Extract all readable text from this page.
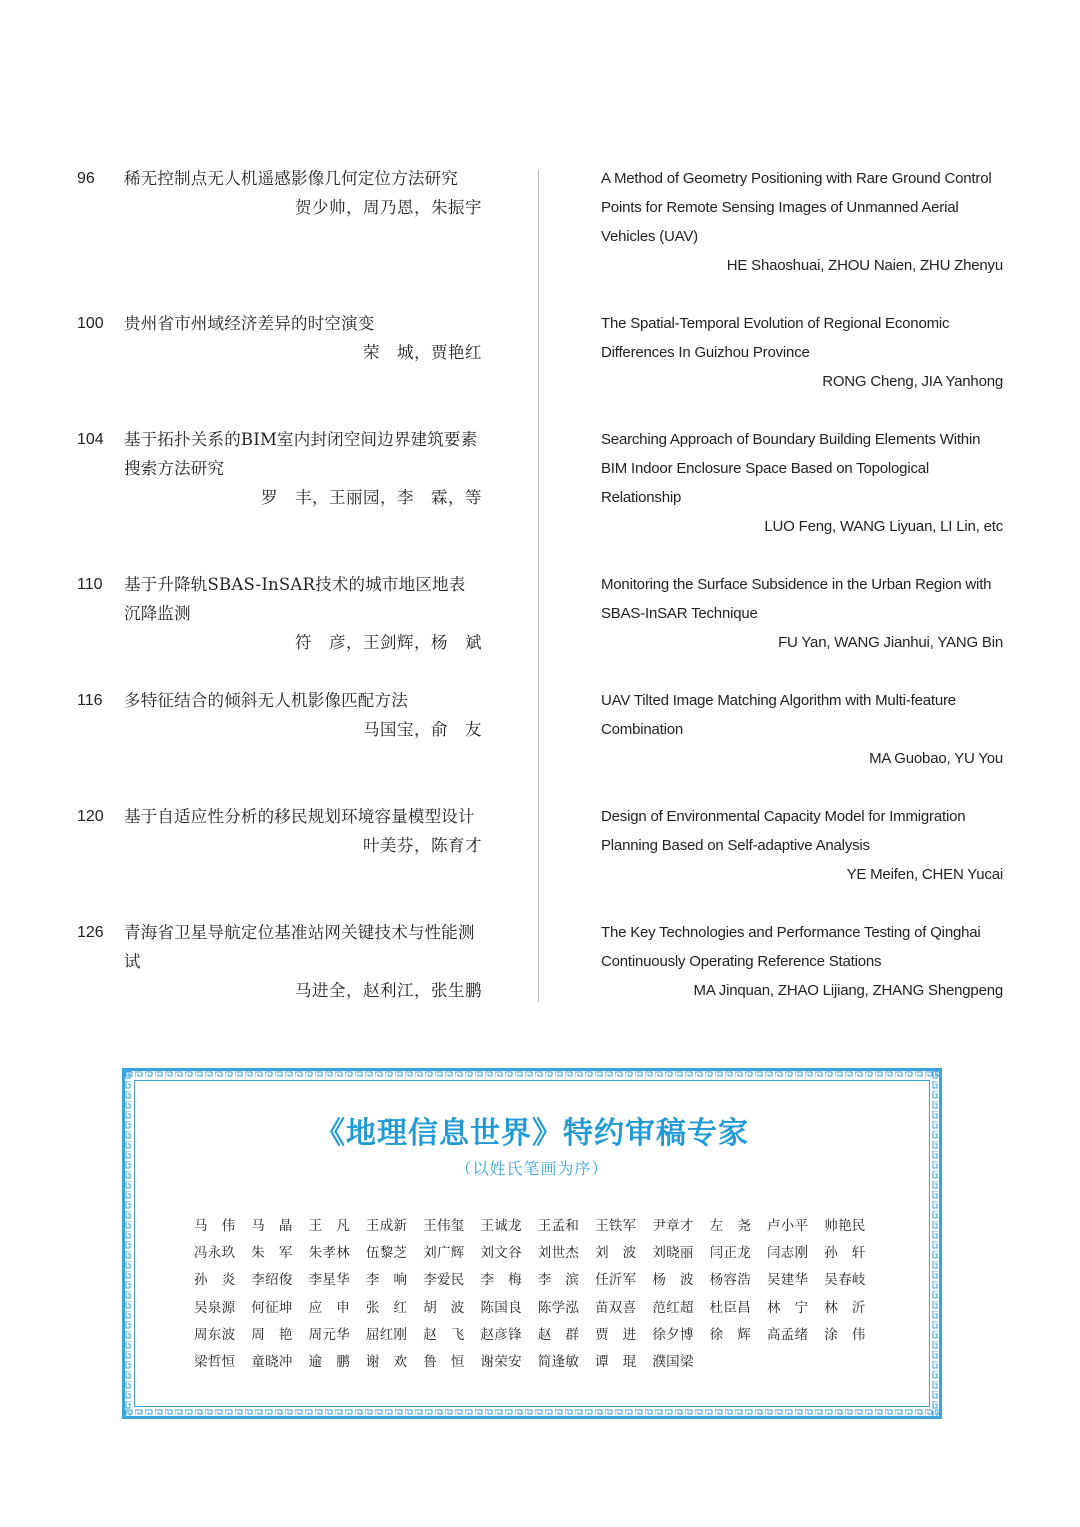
96 稀无控制点无人机遥感影像几何定位方法研究
贺少帅，周乃恩，朱振宇
A Method of Geometry Positioning with Rare Ground Control Points for Remote Sensing Images of Unmanned Aerial Vehicles (UAV)
HE Shaoshuai, ZHOU Naien, ZHU Zhenyu
100 贵州省市州域经济差异的时空演变
荣　城，贾艳红
The Spatial-Temporal Evolution of Regional Economic Differences In Guizhou Province
RONG Cheng, JIA Yanhong
104 基于拓扑关系的BIM室内封闭空间边界建筑要素搜索方法研究
罗　丰，王丽园，李　霖，等
Searching Approach of Boundary Building Elements Within BIM Indoor Enclosure Space Based on Topological Relationship
LUO Feng, WANG Liyuan, LI Lin, etc
110 基于升降轨SBAS-InSAR技术的城市地区地表沉降监测
符　彦，王剑辉，杨　斌
Monitoring the Surface Subsidence in the Urban Region with SBAS-InSAR Technique
FU Yan, WANG Jianhui, YANG Bin
116 多特征结合的倾斜无人机影像匹配方法
马国宝，俞　友
UAV Tilted Image Matching Algorithm with Multi-feature Combination
MA Guobao, YU You
120 基于自适应性分析的移民规划环境容量模型设计
叶美芬，陈育才
Design of Environmental Capacity Model for Immigration Planning Based on Self-adaptive Analysis
YE Meifen, CHEN Yucai
126 青海省卫星导航定位基准站网关键技术与性能测试
马进全，赵利江，张生鹏
The Key Technologies and Performance Testing of Qinghai Continuously Operating Reference Stations
MA Jinquan, ZHAO Lijiang, ZHANG Shengpeng
《地理信息世界》特约审稿专家
（以姓氏笔画为序）
马　伟	马　晶	王　凡	王成新	王伟玺	王诚龙	王孟和	王铁军	尹章才	左　尧	卢小平	帅艳民
冯永玖	朱　军	朱孝林	伍黎芝	刘广辉	刘文谷	刘世杰	刘　波	刘晓丽	闫正龙	闫志刚	孙　轩
孙　炎	李绍俊	李星华	李　响	李爱民	李　梅	李　滨	任沂军	杨　波	杨容浩	吴建华	吴春岐
吴泉源	何征坤	应　申	张　红	胡　波	陈国良	陈学泓	苗双喜	范红超	杜臣昌	林　宁	林　沂
周东波	周　艳	周元华	屈红刚	赵　飞	赵彦锋	赵　群	贾　进	徐夕博	徐　辉	高孟绪	涂　伟
梁哲恒	童晓冲	逾　鹏	谢　欢	鲁　恒	谢荣安	简逢敏	谭　琨	濮国梁
